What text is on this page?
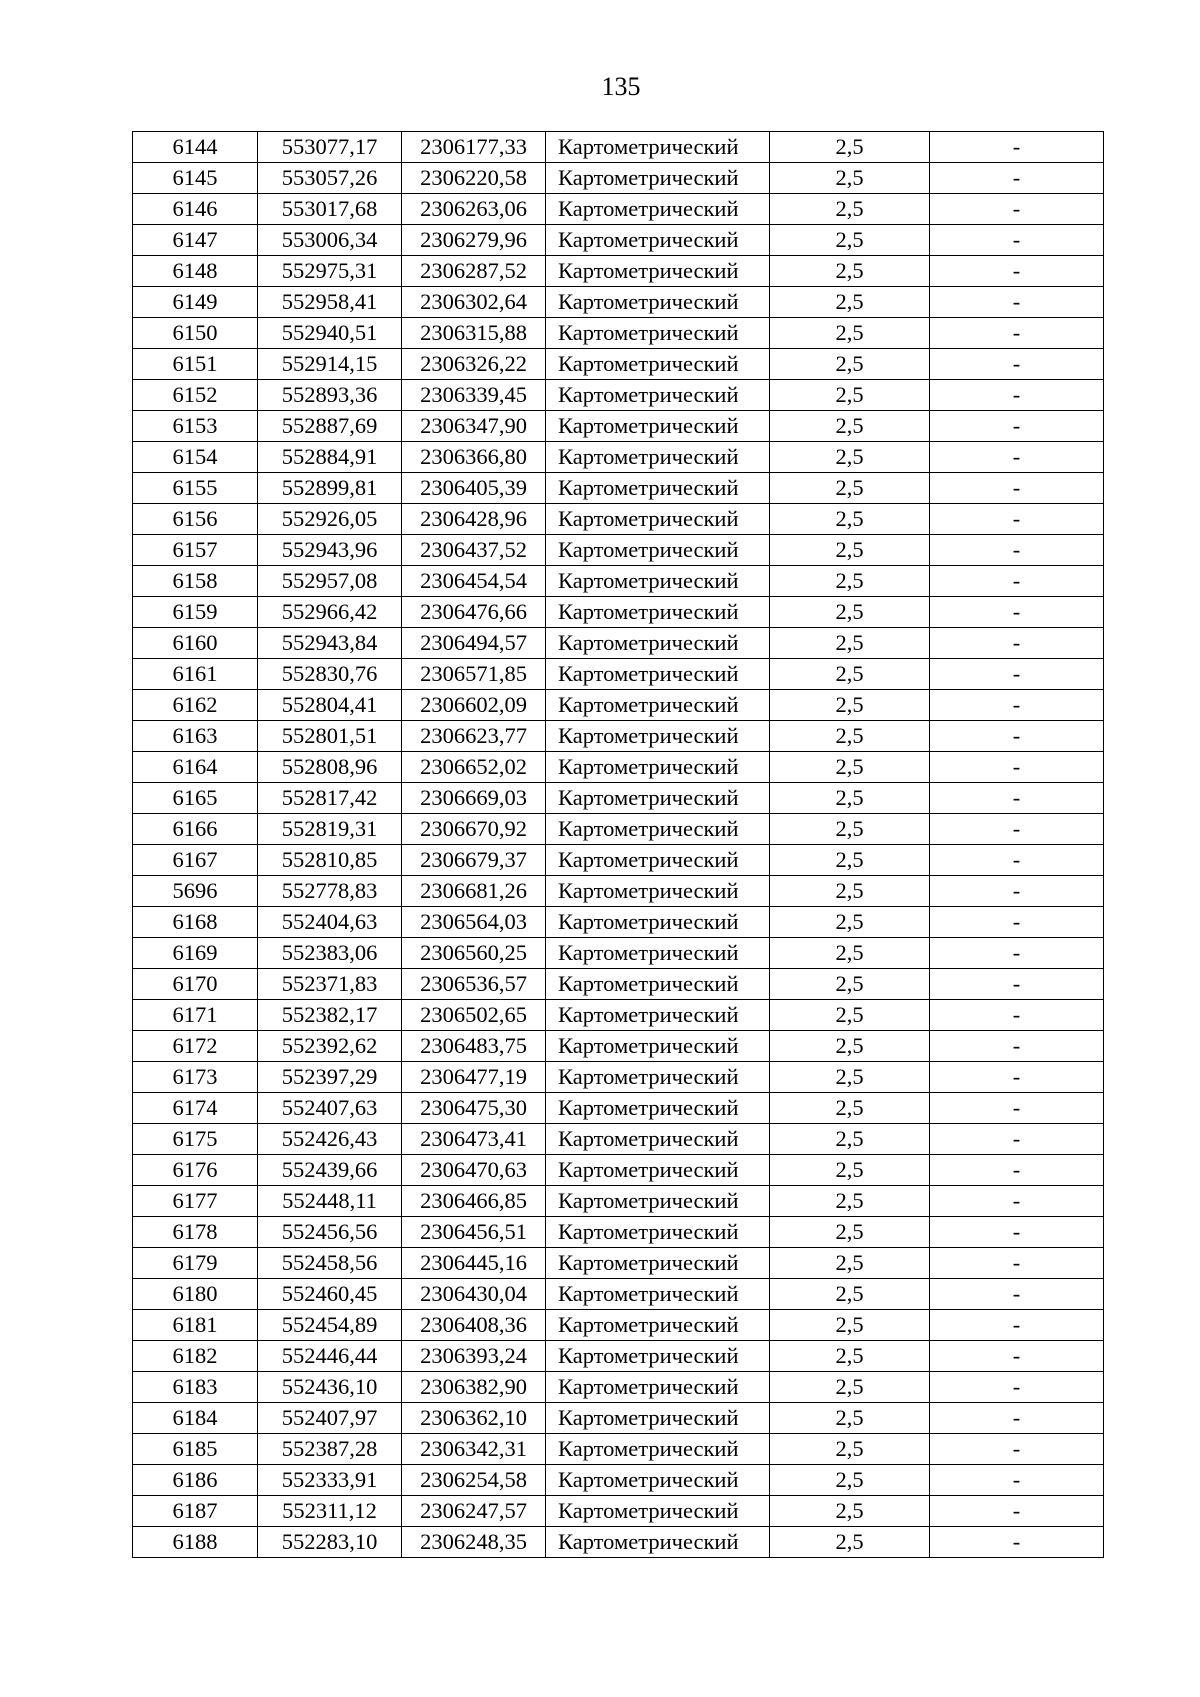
135
6144	553077,17	2306177,33	Картометрический	2,5	-
6145	553057,26	2306220,58	Картометрический	2,5	-
6146	553017,68	2306263,06	Картометрический	2,5	-
6147	553006,34	2306279,96	Картометрический	2,5	-
6148	552975,31	2306287,52	Картометрический	2,5	-
6149	552958,41	2306302,64	Картометрический	2,5	-
6150	552940,51	2306315,88	Картометрический	2,5	-
6151	552914,15	2306326,22	Картометрический	2,5	-
6152	552893,36	2306339,45	Картометрический	2,5	-
6153	552887,69	2306347,90	Картометрический	2,5	-
6154	552884,91	2306366,80	Картометрический	2,5	-
6155	552899,81	2306405,39	Картометрический	2,5	-
6156	552926,05	2306428,96	Картометрический	2,5	-
6157	552943,96	2306437,52	Картометрический	2,5	-
6158	552957,08	2306454,54	Картометрический	2,5	-
6159	552966,42	2306476,66	Картометрический	2,5	-
6160	552943,84	2306494,57	Картометрический	2,5	-
6161	552830,76	2306571,85	Картометрический	2,5	-
6162	552804,41	2306602,09	Картометрический	2,5	-
6163	552801,51	2306623,77	Картометрический	2,5	-
6164	552808,96	2306652,02	Картометрический	2,5	-
6165	552817,42	2306669,03	Картометрический	2,5	-
6166	552819,31	2306670,92	Картометрический	2,5	-
6167	552810,85	2306679,37	Картометрический	2,5	-
5696	552778,83	2306681,26	Картометрический	2,5	-
6168	552404,63	2306564,03	Картометрический	2,5	-
6169	552383,06	2306560,25	Картометрический	2,5	-
6170	552371,83	2306536,57	Картометрический	2,5	-
6171	552382,17	2306502,65	Картометрический	2,5	-
6172	552392,62	2306483,75	Картометрический	2,5	-
6173	552397,29	2306477,19	Картометрический	2,5	-
6174	552407,63	2306475,30	Картометрический	2,5	-
6175	552426,43	2306473,41	Картометрический	2,5	-
6176	552439,66	2306470,63	Картометрический	2,5	-
6177	552448,11	2306466,85	Картометрический	2,5	-
6178	552456,56	2306456,51	Картометрический	2,5	-
6179	552458,56	2306445,16	Картометрический	2,5	-
6180	552460,45	2306430,04	Картометрический	2,5	-
6181	552454,89	2306408,36	Картометрический	2,5	-
6182	552446,44	2306393,24	Картометрический	2,5	-
6183	552436,10	2306382,90	Картометрический	2,5	-
6184	552407,97	2306362,10	Картометрический	2,5	-
6185	552387,28	2306342,31	Картометрический	2,5	-
6186	552333,91	2306254,58	Картометрический	2,5	-
6187	552311,12	2306247,57	Картометрический	2,5	-
6188	552283,10	2306248,35	Картометрический	2,5	-
